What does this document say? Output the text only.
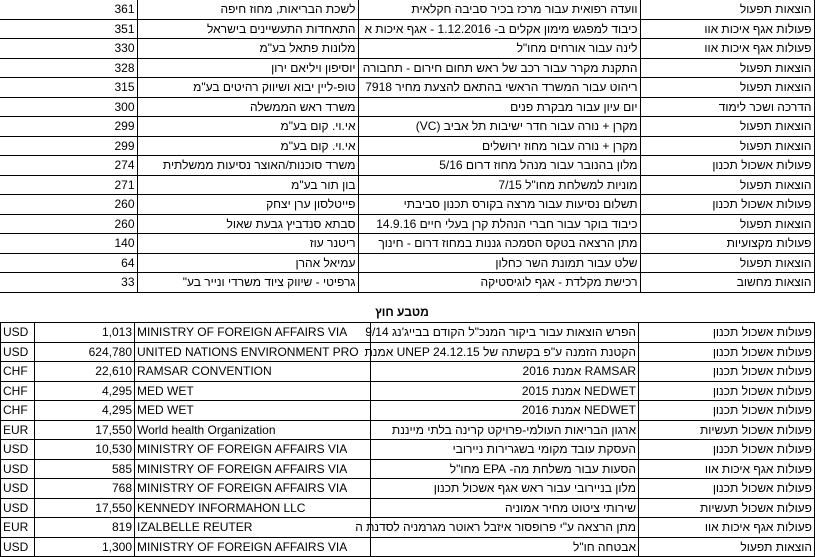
361	לשכת הבריאות, מחוז חיפה	וועדה רפואית עבור מרכז בכיר סביבה חקלאית	הוצאות תפעול
351	התאחדות התעשיינים בישראל	כיבוד למפגש מימון אקלים ב- 1.12.2016 - אגף איכות א	פעולות אגף איכות אוו
330	מלונות פתאל בע"מ	לינה עבור אורחים מחו"ל	פעולות אגף איכות אוו
328	יוסיפון ויליאם ירון	התקנת מקרר עבור רכב של ראש תחום חירום - תחבורה	הוצאות תפעול
315	טופ-ליין יבוא ושיווק רהיטים בע"מ	ריהוט עבור המשרד הראשי בהתאם להצעת מחיר 7918	הוצאות תפעול
300	משרד ראש הממשלה	יום עיון עבור מבקרת פנים	הדרכה ושכר לימוד
299	אי.וי. קום בע"מ	מקרן + נורה עבור חדר ישיבות תל אביב (VC)	הוצאות תפעול
299	אי.וי. קום בע"מ	מקרן + נורה עבור מחוז ירושלים	הוצאות תפעול
274	משרד סוכנות/האוצר נסיעות ממשלתית	מלון בהנובר עבור מנהל מחוז דרום 5/16	פעולות אשכול תכנון
271	בון תור בע"מ	מוניות למשלחת מחו"ל 7/15	הוצאות תפעול
260	פייטלסון ערן יצחק	תשלום נסיעות עבור מרצה בקורס תכנון סביבתי	פעולות אשכול תכנון
260	סבתא סנדביץ גבעת שאול	כיבוד בוקר עבור חברי הנהלת קרן בעלי חיים 14.9.16	הוצאות תפעול
140	ריטנר עוז	מתן הרצאה בטקס הסמכה גננות במחוז דרום - חינוך	פעולות מקצועיות
64	עמיאל אהרן	שלט עבור תמונת השר כחלון	הוצאות תפעול
33	גרפיטי - שיווק ציוד משרדי ונייר בע"	רכישת מקלדת - אגף לוגיסטיקה	הוצאות מחשוב
מטבע חוץ
USD	1,013	MINISTRY OF FOREIGN AFFAIRS VIA	הפרש הוצאות עבור ביקור המנכ"ל הקודם בבייג'נג 9/14	פעולות אשכול תכנון
USD	624,780	UNITED NATIONS ENVIRONMENT PRO	הקטנת הזמנה ע"פ בקשתה של UNEP 24.12.15 אמנת	פעולות אשכול תכנון
CHF	22,610	RAMSAR CONVENTION	RAMSAR אמנת 2016	פעולות אשכול תכנון
CHF	4,295	MED WET	NEDWET אמנת 2015	פעולות אשכול תכנון
CHF	4,295	MED WET	NEDWET אמנת 2016	פעולות אשכול תכנון
EUR	17,550	World health Organization	ארגון הבריאות העולמי-פרויקט קרינה בלתי מייננת	פעולות אשכול תעשיות
USD	10,530	MINISTRY OF FOREIGN AFFAIRS VIA	העסקת עובד מקומי בשגרירות ניירובי	פעולות אשכול תכנון
USD	585	MINISTRY OF FOREIGN AFFAIRS VIA	הסעות עבור משלחת מה- EPA מחו"ל	פעולות אגף איכות אוו
USD	768	MINISTRY OF FOREIGN AFFAIRS VIA	מלון בניירובי עבור ראש אגף אשכול תכנון	פעולות אשכול תכנון
USD	17,550	KENNEDY INFORMAHON LLC	שירותי ציטוט מחיר אמוניה	פעולות אשכול תעשיות
EUR	819	IZALBELLE REUTER	מתן הרצאה ע"י פרופסור איזבל ראוטר מגרמניה לסדנת ה	פעולות אגף איכות אוו
USD	1,300	MINISTRY OF FOREIGN AFFAIRS VIA	אבטחה חו"ל	הוצאות תפעול
